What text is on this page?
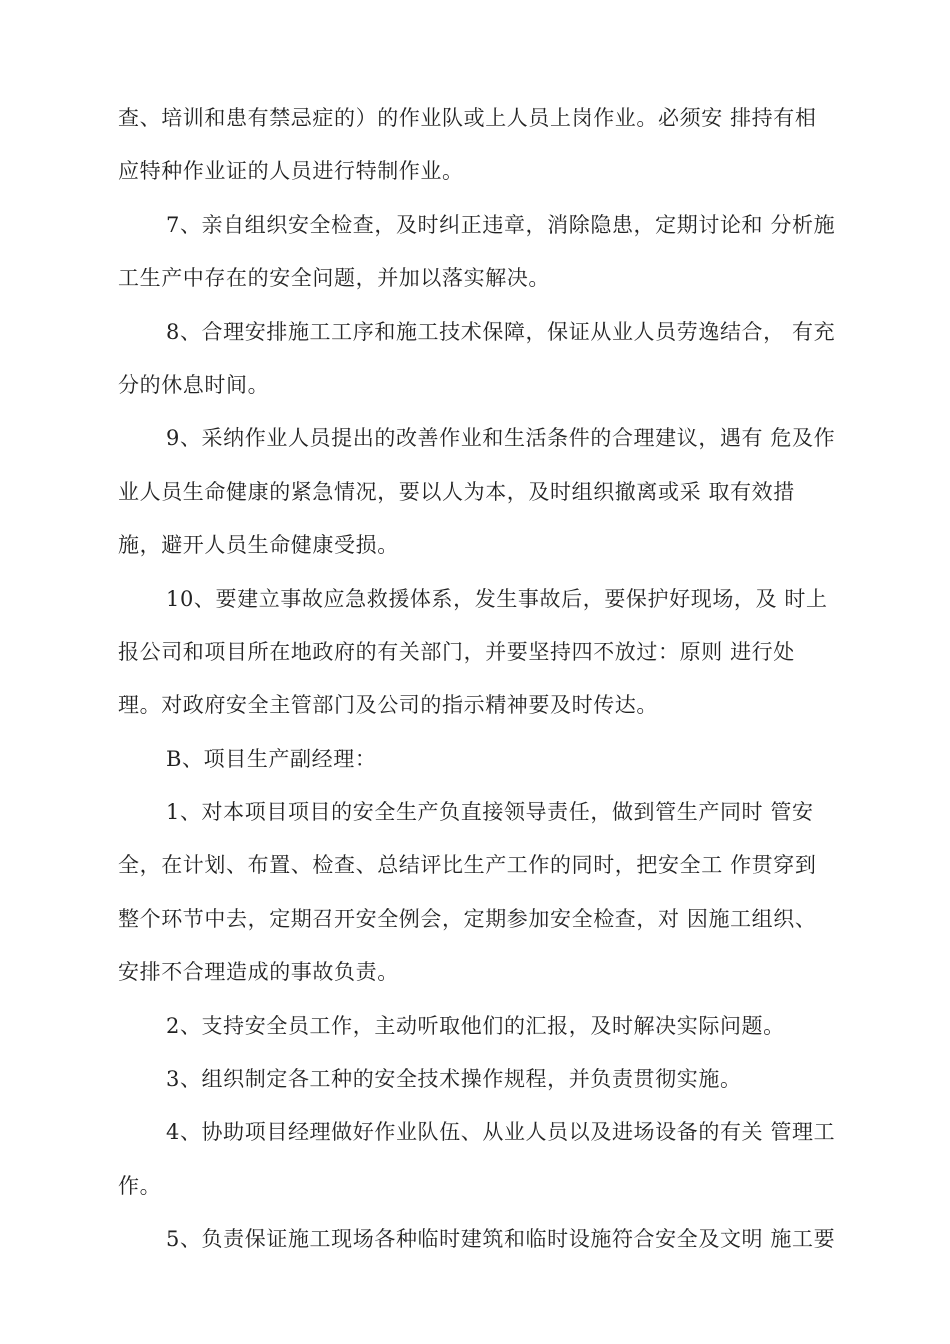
查、培训和患有禁忌症的）的作业队或上人员上岗作业。必须安 排持有相
应特种作业证的人员进行特制作业。
7、亲自组织安全检查，及时纠正违章，消除隐患，定期讨论和 分析施
工生产中存在的安全问题，并加以落实解决。
8、合理安排施工工序和施工技术保障，保证从业人员劳逸结合， 有充
分的休息时间。
9、采纳作业人员提出的改善作业和生活条件的合理建议，遇有 危及作
业人员生命健康的紧急情况，要以人为本，及时组织撤离或采 取有效措
施，避开人员生命健康受损。
10、要建立事故应急救援体系，发生事故后，要保护好现场，及 时上
报公司和项目所在地政府的有关部门，并要坚持四不放过：原则 进行处
理。对政府安全主管部门及公司的指示精神要及时传达。
B、项目生产副经理：
1、对本项目项目的安全生产负直接领导责任，做到管生产同时 管安
全，在计划、布置、检查、总结评比生产工作的同时，把安全工 作贯穿到
整个环节中去，定期召开安全例会，定期参加安全检查，对 因施工组织、
安排不合理造成的事故负责。
2、支持安全员工作，主动听取他们的汇报，及时解决实际问题。
3、组织制定各工种的安全技术操作规程，并负责贯彻实施。
4、协助项目经理做好作业队伍、从业人员以及进场设备的有关 管理工
作。
5、负责保证施工现场各种临时建筑和临时设施符合安全及文明 施工要
